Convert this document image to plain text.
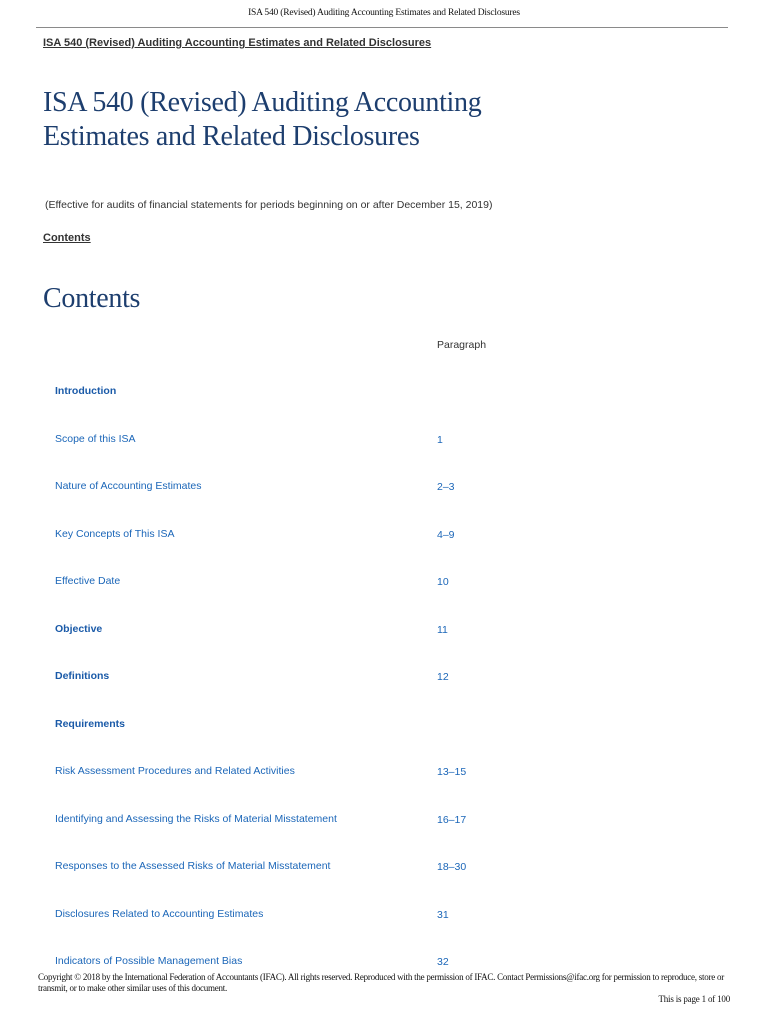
ISA 540 (Revised) Auditing Accounting Estimates and Related Disclosures
ISA 540 (Revised) Auditing Accounting Estimates and Related Disclosures
ISA 540 (Revised) Auditing Accounting Estimates and Related Disclosures
(Effective for audits of financial statements for periods beginning on or after December 15, 2019)
Contents
Contents
Paragraph
Introduction
Scope of this ISA	1
Nature of Accounting Estimates	2–3
Key Concepts of This ISA	4–9
Effective Date	10
Objective	11
Definitions	12
Requirements
Risk Assessment Procedures and Related Activities	13–15
Identifying and Assessing the Risks of Material Misstatement	16–17
Responses to the Assessed Risks of Material Misstatement	18–30
Disclosures Related to Accounting Estimates	31
Indicators of Possible Management Bias	32
Copyright © 2018 by the International Federation of Accountants (IFAC). All rights reserved. Reproduced with the permission of IFAC. Contact Permissions@ifac.org for permission to reproduce, store or transmit, or to make other similar uses of this document.
This is page 1 of 100
